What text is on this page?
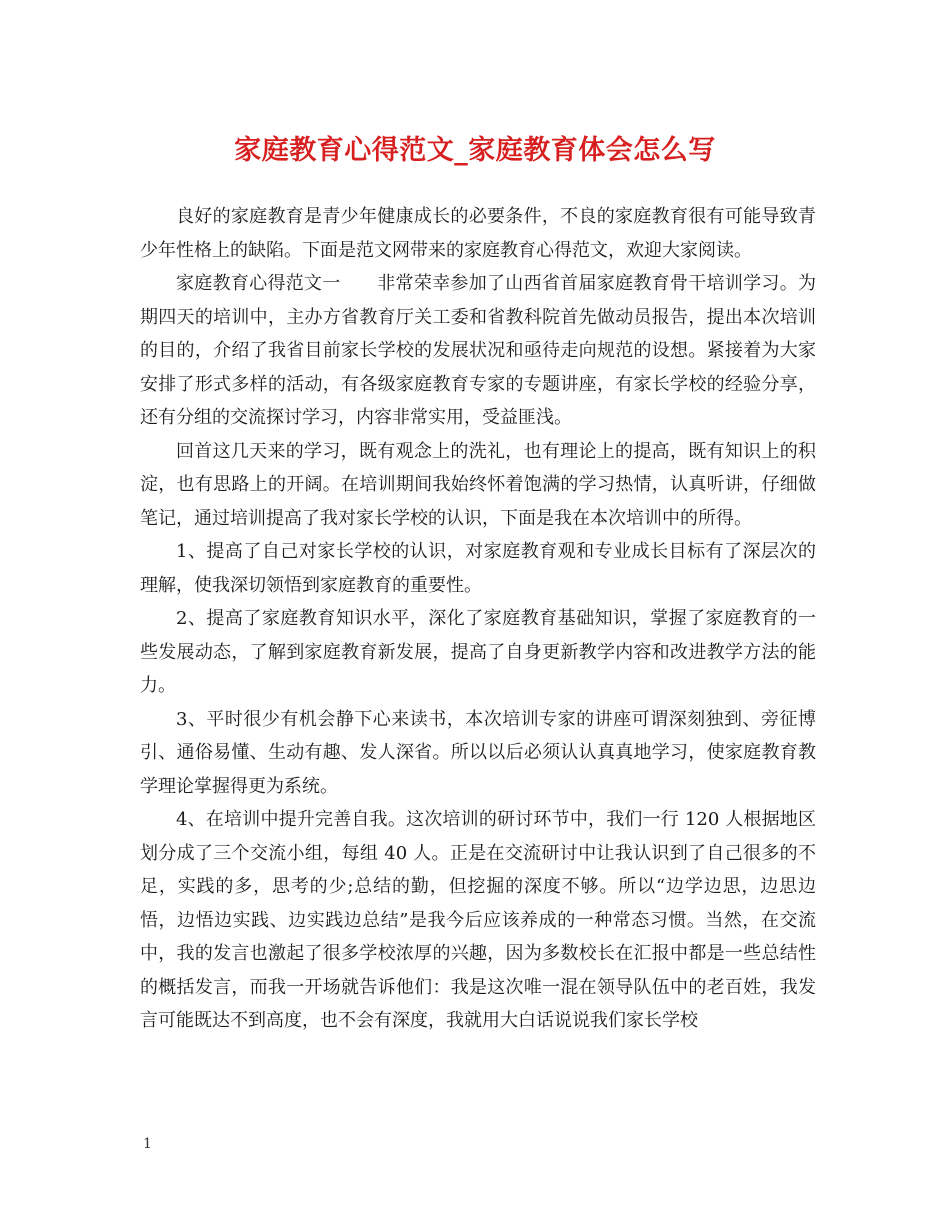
家庭教育心得范文_家庭教育体会怎么写

良好的家庭教育是青少年健康成长的必要条件，不良的家庭教育很有可能导致青少年性格上的缺陷。下面是范文网带来的家庭教育心得范文，欢迎大家阅读。

家庭教育心得范文一　　非常荣幸参加了山西省首届家庭教育骨干培训学习。为期四天的培训中，主办方省教育厅关工委和省教科院首先做动员报告，提出本次培训的目的，介绍了我省目前家长学校的发展状况和亟待走向规范的设想。紧接着为大家安排了形式多样的活动，有各级家庭教育专家的专题讲座，有家长学校的经验分享，还有分组的交流探讨学习，内容非常实用，受益匪浅。

回首这几天来的学习，既有观念上的洗礼，也有理论上的提高，既有知识上的积淀，也有思路上的开阔。在培训期间我始终怀着饱满的学习热情，认真听讲，仔细做笔记，通过培训提高了我对家长学校的认识，下面是我在本次培训中的所得。

1、提高了自己对家长学校的认识，对家庭教育观和专业成长目标有了深层次的理解，使我深切领悟到家庭教育的重要性。

2、提高了家庭教育知识水平，深化了家庭教育基础知识，掌握了家庭教育的一些发展动态，了解到家庭教育新发展，提高了自身更新教学内容和改进教学方法的能力。

3、平时很少有机会静下心来读书，本次培训专家的讲座可谓深刻独到、旁征博引、通俗易懂、生动有趣、发人深省。所以以后必须认认真真地学习，使家庭教育教学理论掌握得更为系统。

4、在培训中提升完善自我。这次培训的研讨环节中，我们一行 120 人根据地区划分成了三个交流小组，每组 40 人。正是在交流研讨中让我认识到了自己很多的不足，实践的多，思考的少;总结的勤，但挖掘的深度不够。所以“边学边思，边思边悟，边悟边实践、边实践边总结”是我今后应该养成的一种常态习惯。当然，在交流中，我的发言也激起了很多学校浓厚的兴趣，因为多数校长在汇报中都是一些总结性的概括发言，而我一开场就告诉他们：我是这次唯一混在领导队伍中的老百姓，我发言可能既达不到高度，也不会有深度，我就用大白话说说我们家长学校

1
